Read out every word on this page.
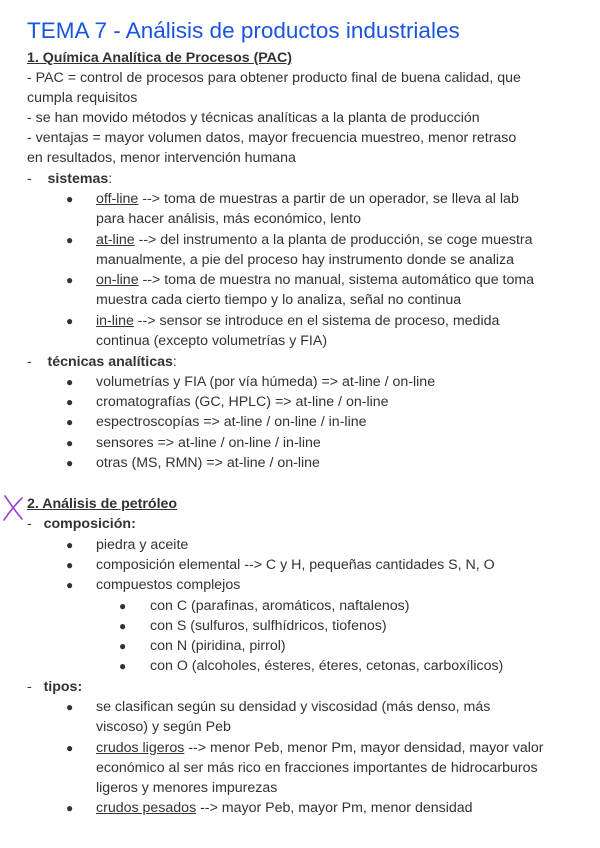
TEMA 7 - Análisis de productos industriales
1. Química Analítica de Procesos (PAC)
- PAC = control de procesos para obtener producto final de buena calidad, que
cumpla requisitos
- se han movido métodos y técnicas analíticas a la planta de producción
- ventajas = mayor volumen datos, mayor frecuencia muestreo, menor retraso
en resultados, menor intervención humana
-    sistemas:
● off-line --> toma de muestras a partir de un operador, se lleva al lab
para hacer análisis, más económico, lento
● at-line --> del instrumento a la planta de producción, se coge muestra
manualmente, a pie del proceso hay instrumento donde se analiza
● on-line --> toma de muestra no manual, sistema automático que toma
muestra cada cierto tiempo y lo analiza, señal no continua
● in-line --> sensor se introduce en el sistema de proceso, medida
continua (excepto volumetrías y FIA)
-    técnicas analíticas:
● volumetrías y FIA (por vía húmeda) => at-line / on-line
● cromatografías (GC, HPLC) => at-line / on-line
● espectroscopías => at-line / on-line / in-line
● sensores => at-line / on-line / in-line
● otras (MS, RMN) => at-line / on-line
2. Análisis de petróleo
-   composición:
● piedra y aceite
● composición elemental --> C y H, pequeñas cantidades S, N, O
● compuestos complejos
● con C (parafinas, aromáticos, naftalenos)
● con S (sulfuros, sulfhídricos, tiofenos)
● con N (piridina, pirrol)
● con O (alcoholes, ésteres, éteres, cetonas, carboxílicos)
-   tipos:
● se clasifican según su densidad y viscosidad (más denso, más
viscoso) y según Peb
● crudos ligeros --> menor Peb, menor Pm, mayor densidad, mayor valor
económico al ser más rico en fracciones importantes de hidrocarburos
ligeros y menores impurezas
● crudos pesados --> mayor Peb, mayor Pm, menor densidad
